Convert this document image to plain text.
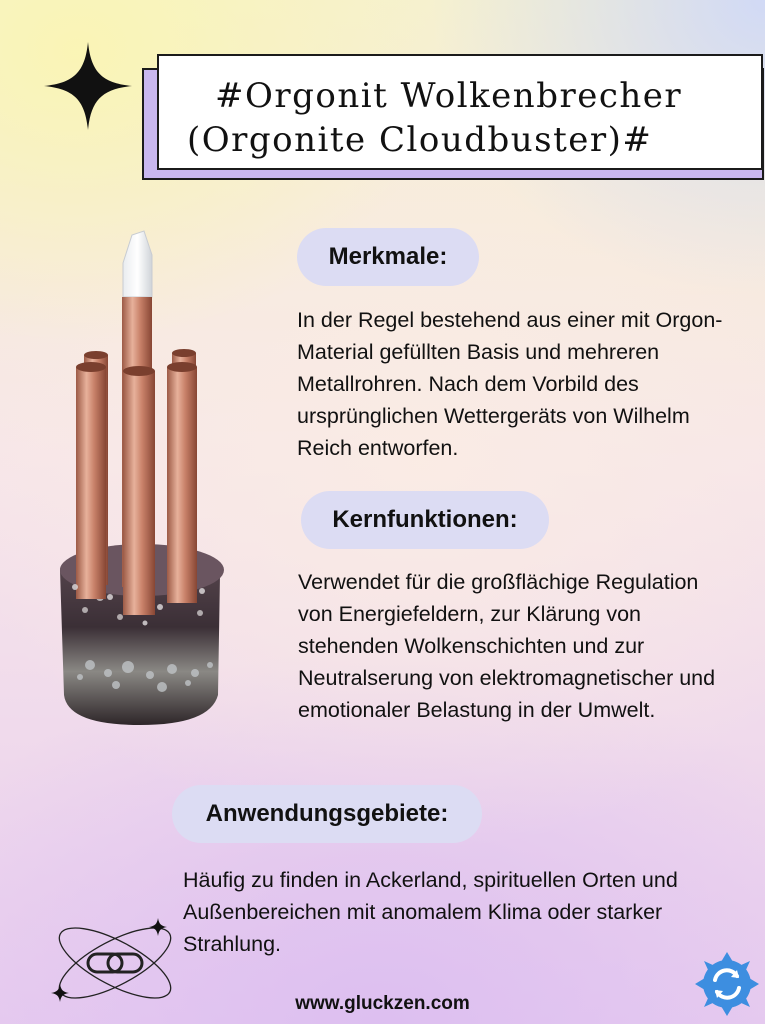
#Orgonit Wolkenbrecher
(Orgonite Cloudbuster)#
Merkmale:
In der Regel bestehend aus einer mit Orgon-
Material gefüllten Basis und mehreren
Metallrohren. Nach dem Vorbild des
ursprünglichen Wettergeräts von Wilhelm
Reich entworfen.
Kernfunktionen:
Verwendet für die großflächige Regulation
von Energiefeldern, zur Klärung von
stehenden Wolkenschichten und zur
Neutralserung von elektromagnetischer und
emotionaler Belastung in der Umwelt.
Anwendungsgebiete:
Häufig zu finden in Ackerland, spirituellen Orten und
Außenbereichen mit anomalem Klima oder starker
Strahlung.
www.gluckzen.com
